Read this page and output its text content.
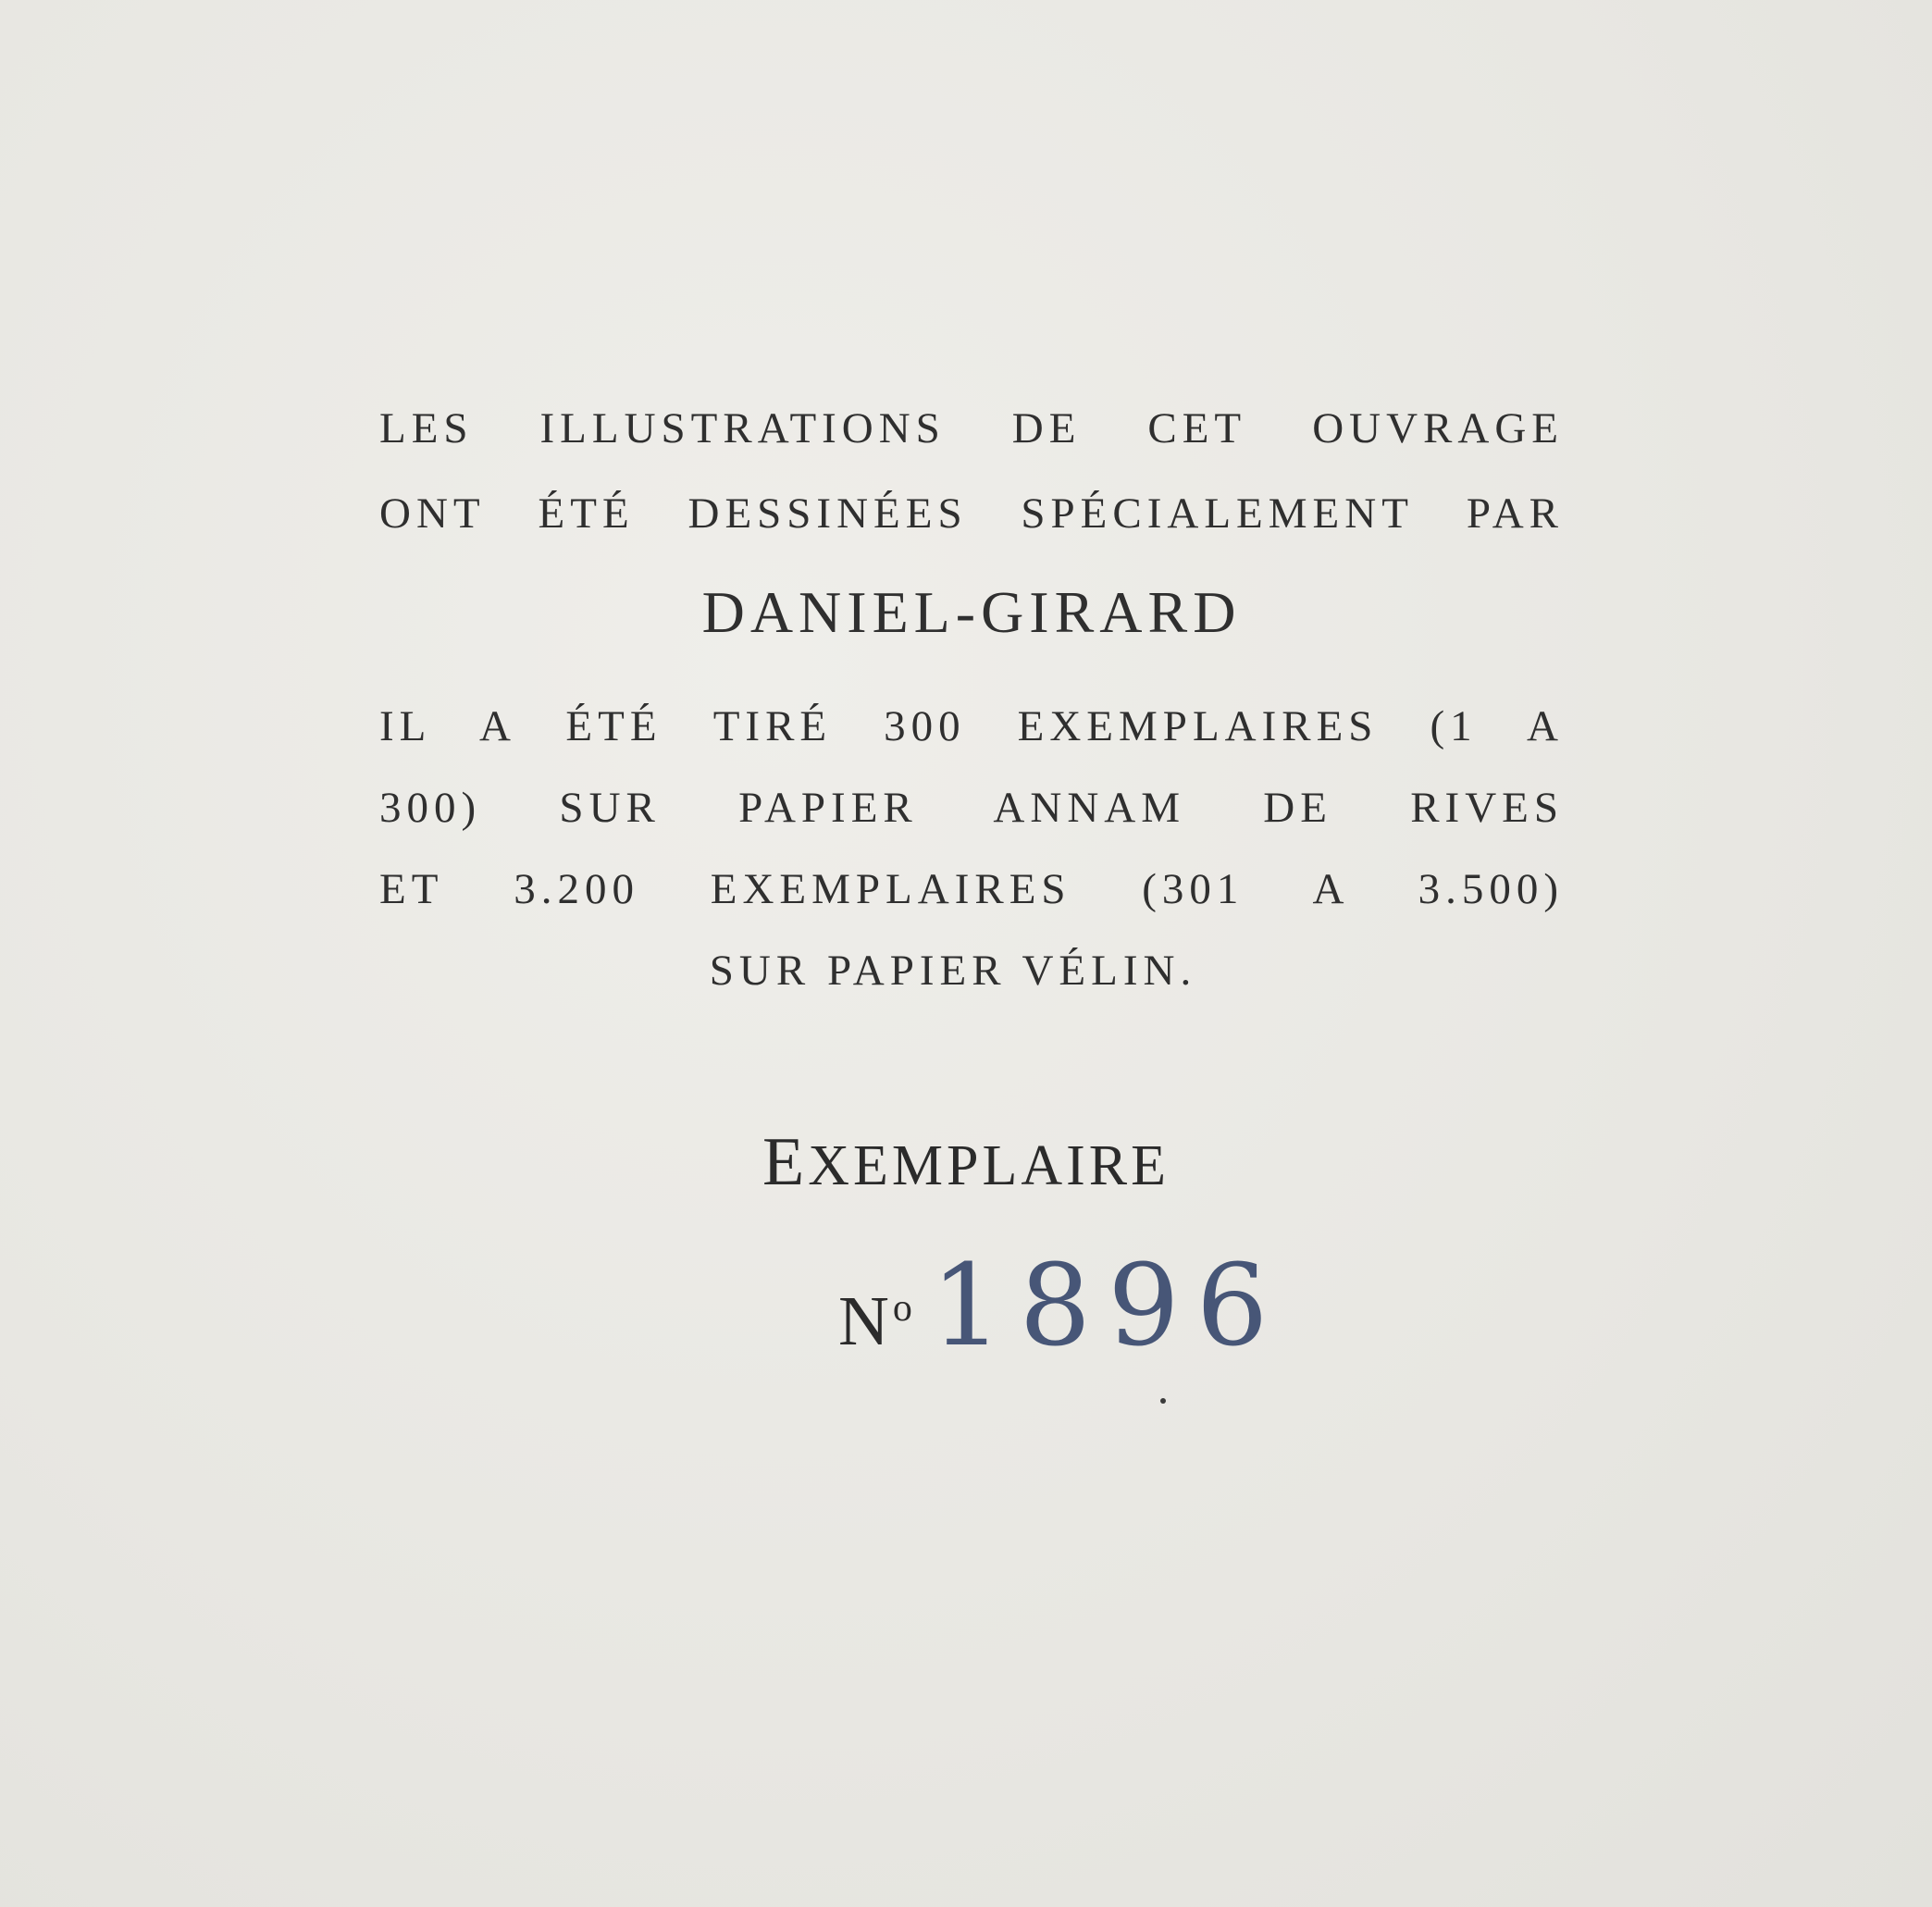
LES ILLUSTRATIONS DE CET OUVRAGE
ONT ÉTÉ DESSINÉES SPÉCIALEMENT PAR
DANIEL-GIRARD
IL A ÉTÉ TIRÉ 300 EXEMPLAIRES (1 A
300) SUR PAPIER ANNAM DE RIVES
ET 3.200 EXEMPLAIRES (301 A 3.500)
SUR PAPIER VÉLIN.
EXEMPLAIRE
$N^o$ 1896
